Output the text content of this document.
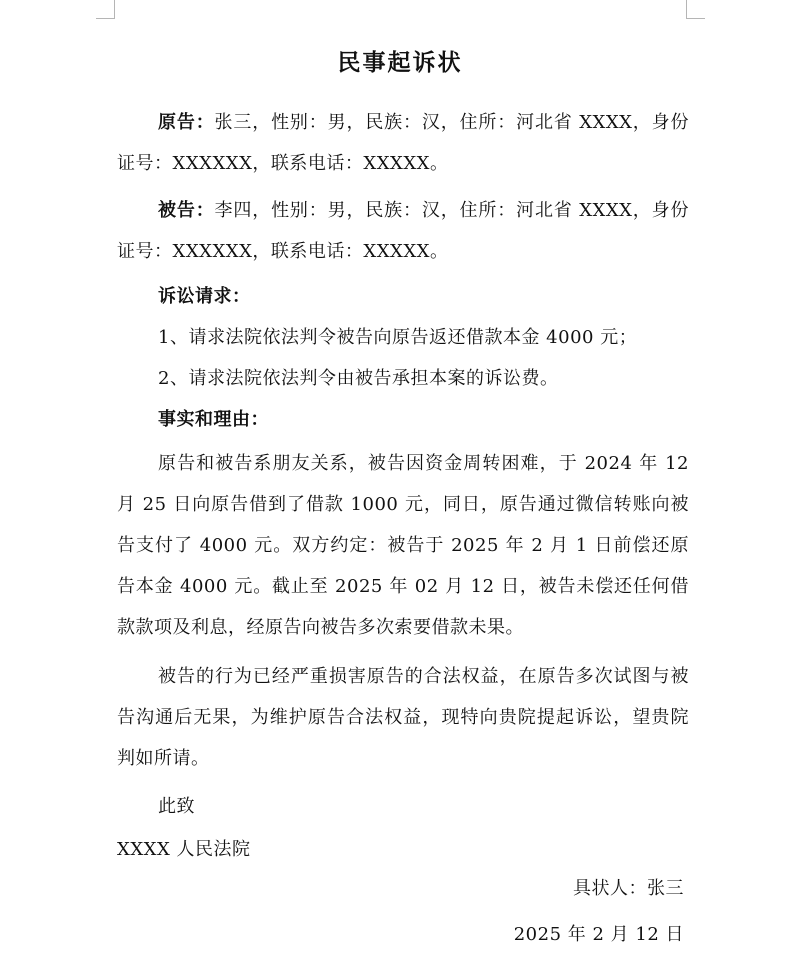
民事起诉状
原告：张三，性别：男，民族：汉，住所：河北省 XXXX，身份证号：XXXXXX，联系电话：XXXXX。
被告：李四，性别：男，民族：汉，住所：河北省 XXXX，身份证号：XXXXXX，联系电话：XXXXX。
诉讼请求：
1、请求法院依法判令被告向原告返还借款本金 4000 元；
2、请求法院依法判令由被告承担本案的诉讼费。
事实和理由：
原告和被告系朋友关系，被告因资金周转困难，于 2024 年 12 月 25 日向原告借到了借款 1000 元，同日，原告通过微信转账向被告支付了 4000 元。双方约定：被告于 2025 年 2 月 1 日前偿还原告本金 4000 元。截止至 2025 年 02 月 12 日，被告未偿还任何借款款项及利息，经原告向被告多次索要借款未果。
被告的行为已经严重损害原告的合法权益，在原告多次试图与被告沟通后无果，为维护原告合法权益，现特向贵院提起诉讼，望贵院判如所请。
此致
XXXX 人民法院
具状人：张三
2025 年 2 月 12 日
